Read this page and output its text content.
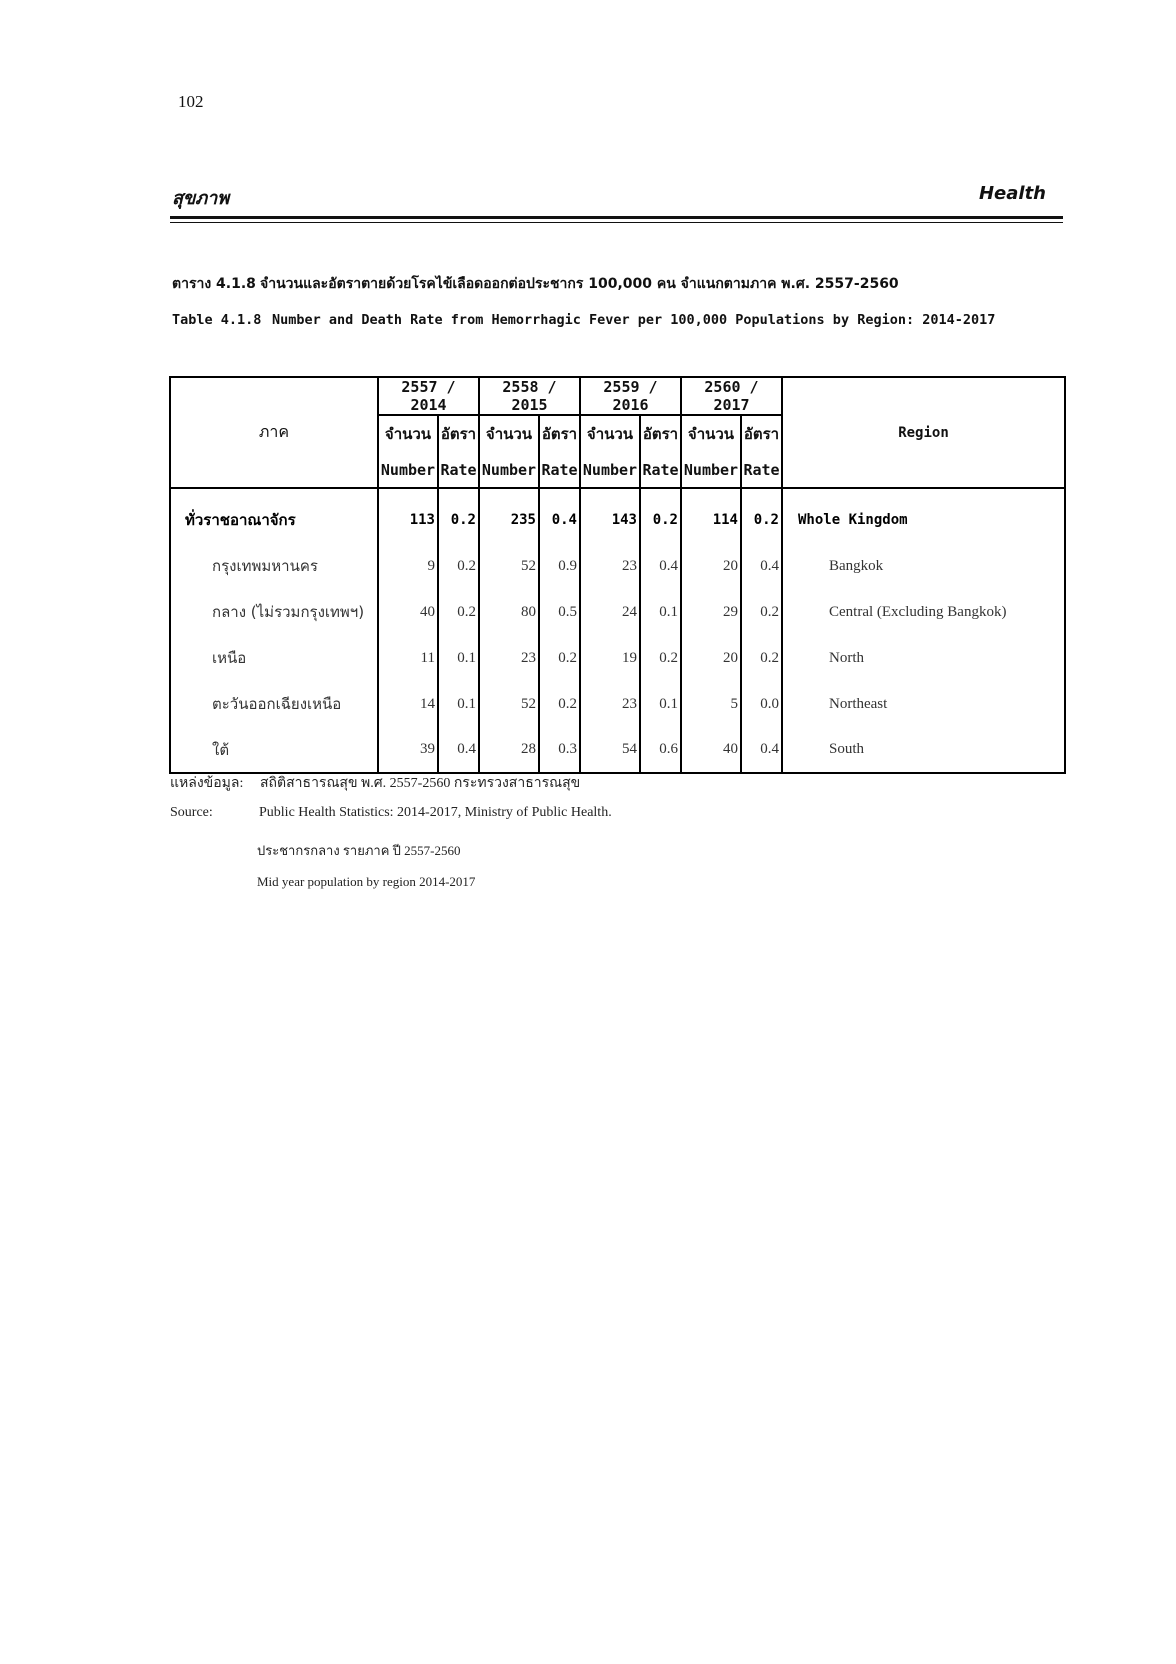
102
สุขภาพ	Health
ตาราง 4.1.8 จำนวนและอัตราตายด้วยโรคไข้เลือดออกต่อประชากร 100,000 คน จำแนกตามภาค พ.ศ. 2557-2560
Table 4.1.8 Number and Death Rate from Hemorrhagic Fever per 100,000 Populations by Region: 2014-2017
ภาค	2557 / 2014		2558 / 2015		2559 / 2016		2560 / 2017		Region
	จำนวน	อัตรา	จำนวน	อัตรา	จำนวน	อัตรา	จำนวน	อัตรา	
	Number	Rate	Number	Rate	Number	Rate	Number	Rate	
ทั่วราชอาณาจักร	113	0.2	235	0.4	143	0.2	114	0.2	Whole Kingdom
กรุงเทพมหานคร	9	0.2	52	0.9	23	0.4	20	0.4	Bangkok
กลาง (ไม่รวมกรุงเทพฯ)	40	0.2	80	0.5	24	0.1	29	0.2	Central (Excluding Bangkok)
เหนือ	11	0.1	23	0.2	19	0.2	20	0.2	North
ตะวันออกเฉียงเหนือ	14	0.1	52	0.2	23	0.1	5	0.0	Northeast
ใต้	39	0.4	28	0.3	54	0.6	40	0.4	South
แหล่งข้อมูล: สถิติสาธารณสุข พ.ศ. 2557-2560 กระทรวงสาธารณสุข
Source:	Public Health Statistics: 2014-2017, Ministry of Public Health.
ประชากรกลาง รายภาค ปี 2557-2560
Mid year population by region 2014-2017
